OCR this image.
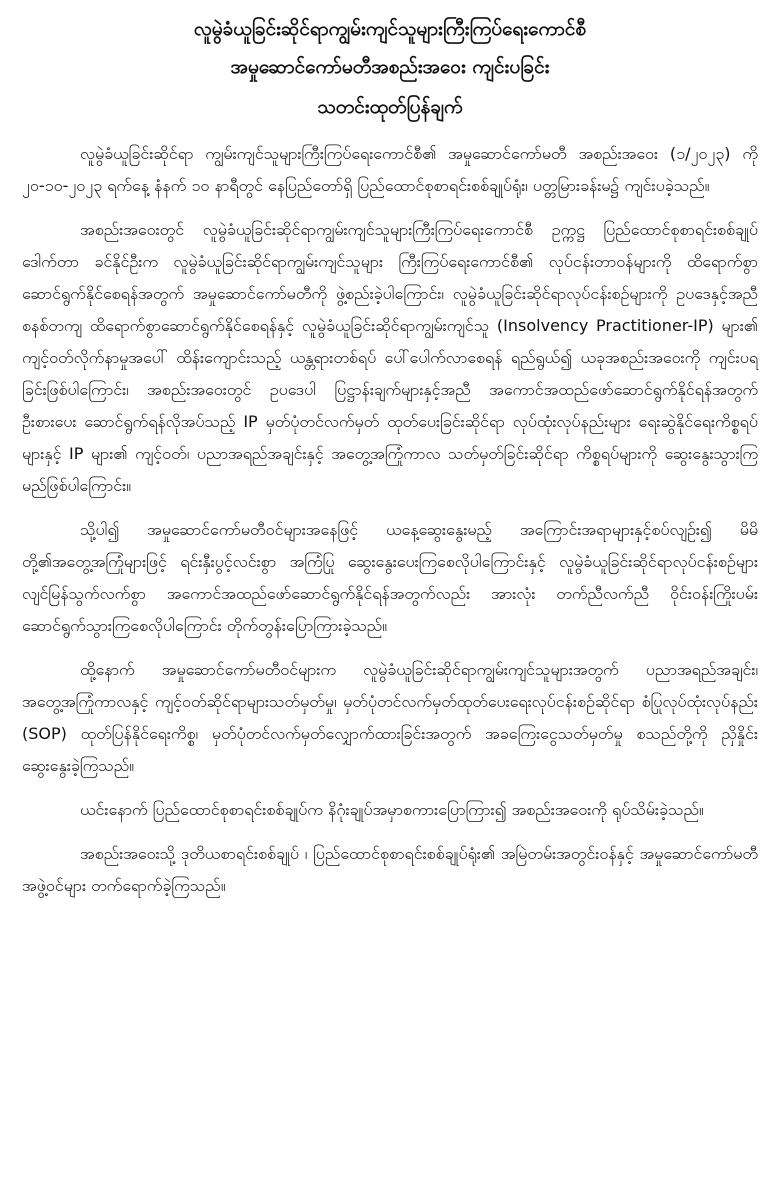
လူမွဲခံယူခြင်းဆိုင်ရာကျွမ်းကျင်သူများကြီးကြပ်ရေးကောင်စီ
အမှုဆောင်ကော်မတီအစည်းအဝေး ကျင်းပခြင်း
သတင်းထုတ်ပြန်ချက်

လူမွဲခံယူခြင်းဆိုင်ရာ ကျွမ်းကျင်သူများကြီးကြပ်ရေးကောင်စီ၏ အမှုဆောင်ကော်မတီ အစည်းအဝေး (၁/၂၀၂၃) ကို ၂၀-၁၀-၂၀၂၃ ရက်နေ့ နံနက် ၁၀ နာရီတွင် နေပြည်တော်ရှိ ပြည်ထောင်စုစာရင်းစစ်ချုပ်ရုံး၊ ပတ္တမြားခန်းမ၌ ကျင်းပခဲ့သည်။

အစည်းအဝေးတွင် လူမွဲခံယူခြင်းဆိုင်ရာကျွမ်းကျင်သူများကြီးကြပ်ရေးကောင်စီ ဥက္ကဋ္ဌ ပြည်ထောင်စုစာရင်းစစ်ချုပ် ဒေါက်တာ ခင်နိုင်ဦးက လူမွဲခံယူခြင်းဆိုင်ရာကျွမ်းကျင်သူများ ကြီးကြပ်ရေးကောင်စီ၏ လုပ်ငန်းတာဝန်များကို ထိရောက်စွာဆောင်ရွက်နိုင်စေရန်အတွက် အမှုဆောင်ကော်မတီကို ဖွဲ့စည်းခဲ့ပါကြောင်း၊ လူမွဲခံယူခြင်းဆိုင်ရာလုပ်ငန်းစဉ်များကို ဥပဒေနှင့်အညီ စနစ်တကျ ထိရောက်စွာဆောင်ရွက်နိုင်စေရန်နှင့် လူမွဲခံယူခြင်းဆိုင်ရာကျွမ်းကျင်သူ (Insolvency Practitioner-IP) များ၏ ကျင့်ဝတ်လိုက်နာမှုအပေါ် ထိန်းကျောင်းသည့် ယန္တရားတစ်ရပ် ပေါ်ပေါက်လာစေရန် ရည်ရွယ်၍ ယခုအစည်းအဝေးကို ကျင်းပရခြင်းဖြစ်ပါကြောင်း၊ အစည်းအဝေးတွင် ဥပဒေပါ ပြဋ္ဌာန်းချက်များနှင့်အညီ အကောင်အထည်ဖော်ဆောင်ရွက်နိုင်ရန်အတွက် ဦးစားပေး ဆောင်ရွက်ရန်လိုအပ်သည့် IP မှတ်ပုံတင်လက်မှတ် ထုတ်ပေးခြင်းဆိုင်ရာ လုပ်ထုံးလုပ်နည်းများ ရေးဆွဲနိုင်ရေးကိစ္စရပ်များနှင့် IP များ၏ ကျင့်ဝတ်၊ ပညာအရည်အချင်းနှင့် အတွေ့အကြုံကာလ သတ်မှတ်ခြင်းဆိုင်ရာ ကိစ္စရပ်များကို ဆွေးနွေးသွားကြမည်ဖြစ်ပါကြောင်း။

သို့ပါ၍ အမှုဆောင်ကော်မတီဝင်များအနေဖြင့် ယနေ့ဆွေးနွေးမည့် အကြောင်းအရာများနှင့်စပ်လျဉ်း၍ မိမိတို့၏အတွေ့အကြုံများဖြင့် ရင်းနှီးပွင့်လင်းစွာ အကြံပြု ဆွေးနွေးပေးကြစေလိုပါကြောင်းနှင့် လူမွဲခံယူခြင်းဆိုင်ရာလုပ်ငန်းစဉ်များ လျင်မြန်သွက်လက်စွာ အကောင်အထည်ဖော်ဆောင်ရွက်နိုင်ရန်အတွက်လည်း အားလုံး တက်ညီလက်ညီ ဝိုင်းဝန်းကြိုးပမ်းဆောင်ရွက်သွားကြစေလိုပါကြောင်း တိုက်တွန်းပြောကြားခဲ့သည်။

ထို့နောက် အမှုဆောင်ကော်မတီဝင်များက လူမွဲခံယူခြင်းဆိုင်ရာကျွမ်းကျင်သူများအတွက် ပညာအရည်အချင်း၊ အတွေ့အကြုံကာလနှင့် ကျင့်ဝတ်ဆိုင်ရာများသတ်မှတ်မှု၊ မှတ်ပုံတင်လက်မှတ်ထုတ်ပေးရေးလုပ်ငန်းစဉ်ဆိုင်ရာ စံပြုလုပ်ထုံးလုပ်နည်း (SOP) ထုတ်ပြန်နိုင်ရေးကိစ္စ၊ မှတ်ပုံတင်လက်မှတ်လျှောက်ထားခြင်းအတွက် အခကြေးငွေသတ်မှတ်မှု စသည်တို့ကို ညှိနှိုင်းဆွေးနွေးခဲ့ကြသည်။

ယင်းနောက် ပြည်ထောင်စုစာရင်းစစ်ချုပ်က နိဂုံးချုပ်အမှာစကားပြောကြား၍ အစည်းအဝေးကို ရုပ်သိမ်းခဲ့သည်။

အစည်းအဝေးသို့ ဒုတိယစာရင်းစစ်ချုပ် ၊ ပြည်ထောင်စုစာရင်းစစ်ချုပ်ရုံး၏ အမြဲတမ်းအတွင်းဝန်နှင့် အမှုဆောင်ကော်မတီအဖွဲ့ဝင်များ တက်ရောက်ခဲ့ကြသည်။
